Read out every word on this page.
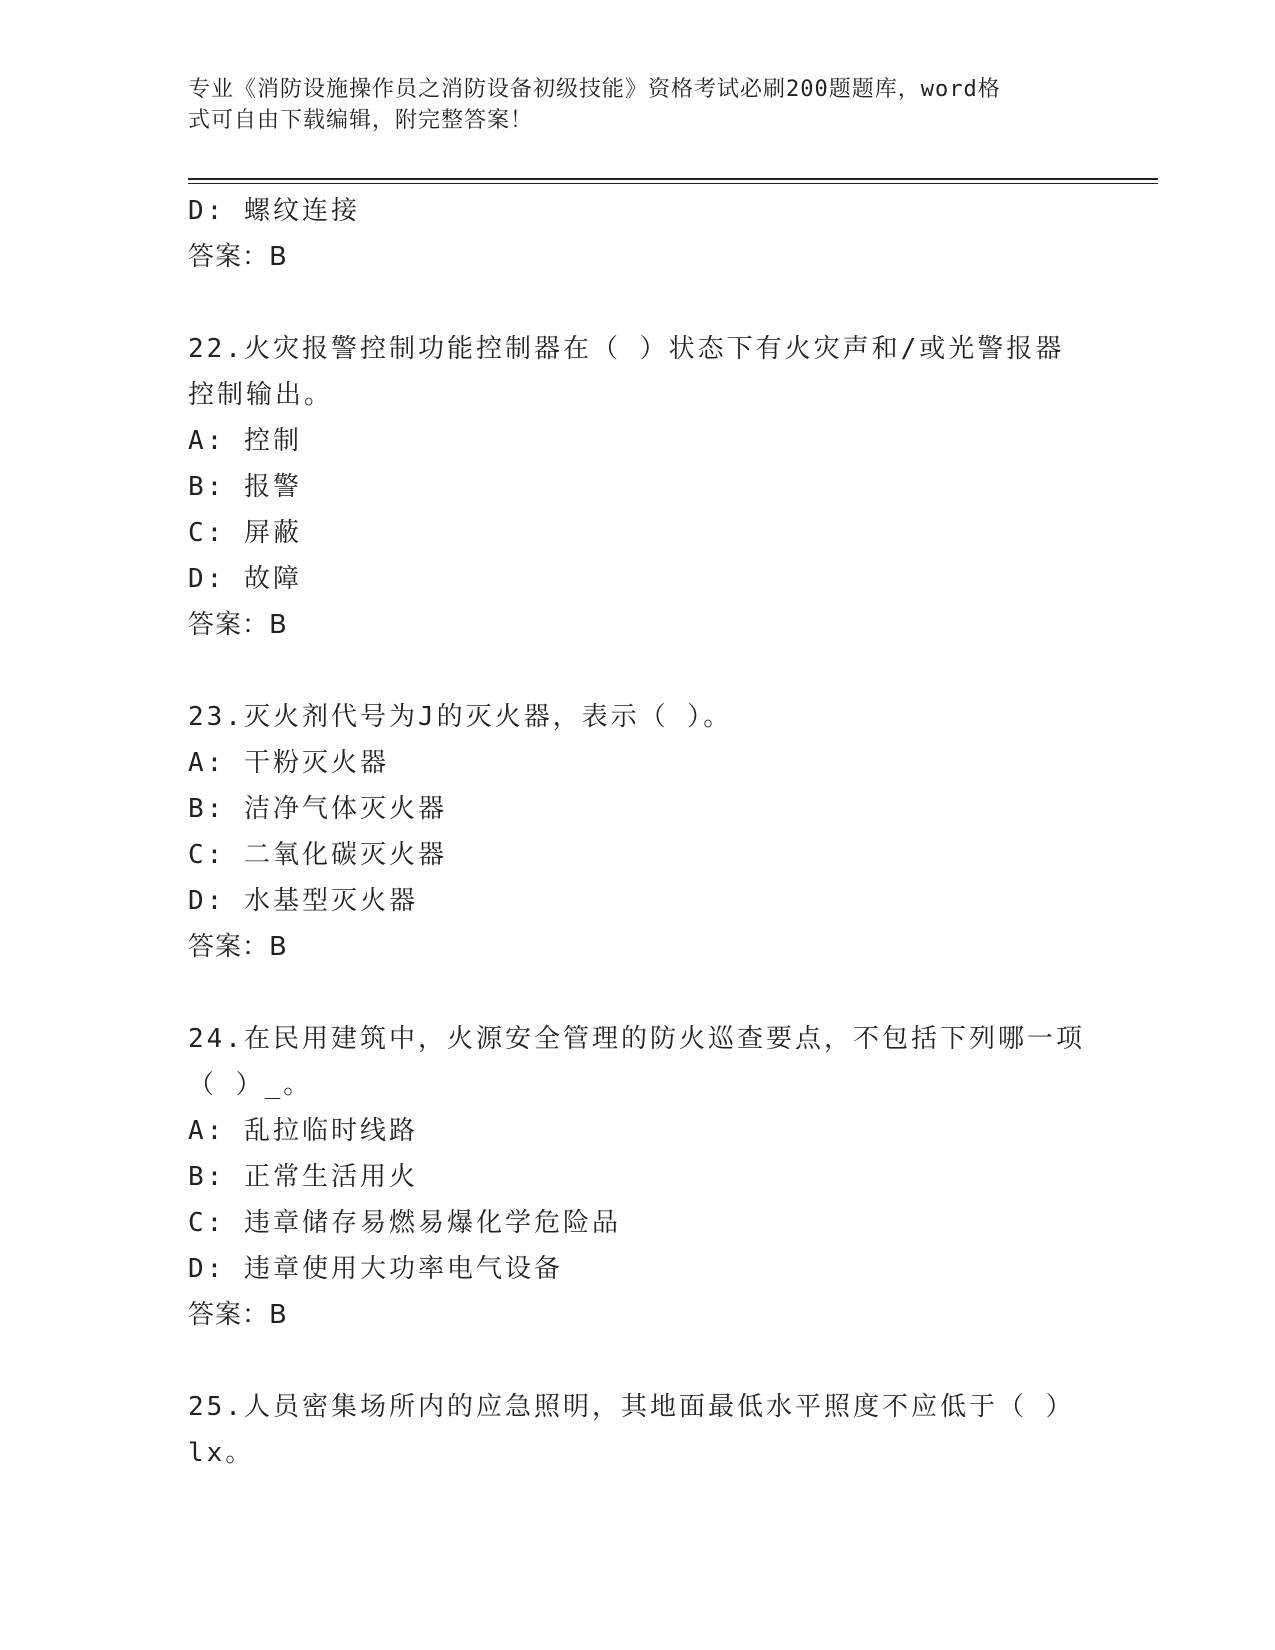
专业《消防设施操作员之消防设备初级技能》资格考试必刷200题题库，word格
式可自由下载编辑，附完整答案！
D: 螺纹连接
答案：B
22.火灾报警控制功能控制器在（ ）状态下有火灾声和/或光警报器
控制输出。
A: 控制
B: 报警
C: 屏蔽
D: 故障
答案：B
23.灭火剂代号为J的灭火器，表示（ ）。
A: 干粉灭火器
B: 洁净气体灭火器
C: 二氧化碳灭火器
D: 水基型灭火器
答案：B
24.在民用建筑中，火源安全管理的防火巡查要点，不包括下列哪一项
（ ）_。
A: 乱拉临时线路
B: 正常生活用火
C: 违章储存易燃易爆化学危险品
D: 违章使用大功率电气设备
答案：B
25.人员密集场所内的应急照明，其地面最低水平照度不应低于（ ）
lx。
